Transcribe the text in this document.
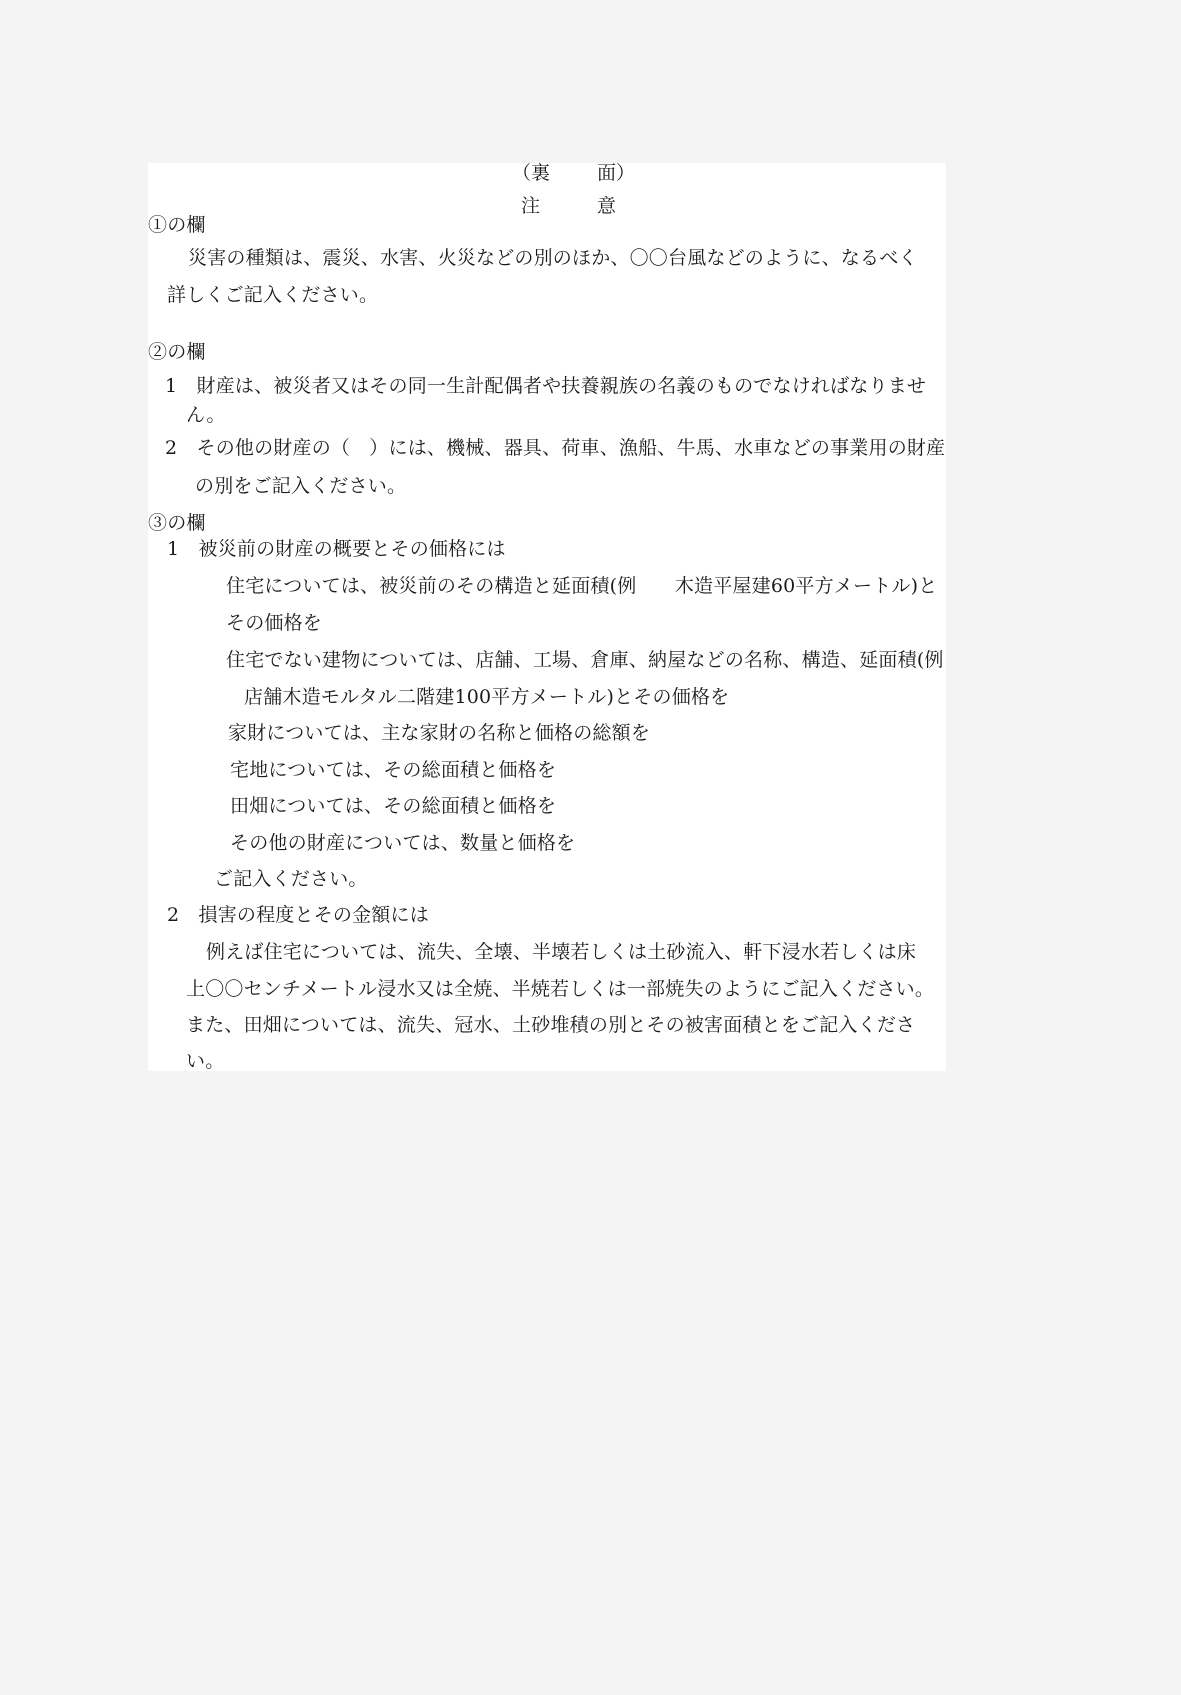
（裏 面）
注	意
①の欄
災害の種類は、震災、水害、火災などの別のほか、〇〇台風などのように、なるべく
詳しくご記入ください。
②の欄
1　財産は、被災者又はその同一生計配偶者や扶養親族の名義のものでなければなりませ
ん。
2　その他の財産の（　）には、機械、器具、荷車、漁船、牛馬、水車などの事業用の財産
の別をご記入ください。
③の欄
1　被災前の財産の概要とその価格には
住宅については、被災前のその構造と延面積(例　　木造平屋建60平方メートル)と
その価格を
住宅でない建物については、店舗、工場、倉庫、納屋などの名称、構造、延面積(例
店舗木造モルタル二階建100平方メートル)とその価格を
家財については、主な家財の名称と価格の総額を
宅地については、その総面積と価格を
田畑については、その総面積と価格を
その他の財産については、数量と価格を
ご記入ください。
2　損害の程度とその金額には
例えば住宅については、流失、全壊、半壊若しくは土砂流入、軒下浸水若しくは床
上〇〇センチメートル浸水又は全焼、半焼若しくは一部焼失のようにご記入ください。
また、田畑については、流失、冠水、土砂堆積の別とその被害面積とをご記入くださ
い。
